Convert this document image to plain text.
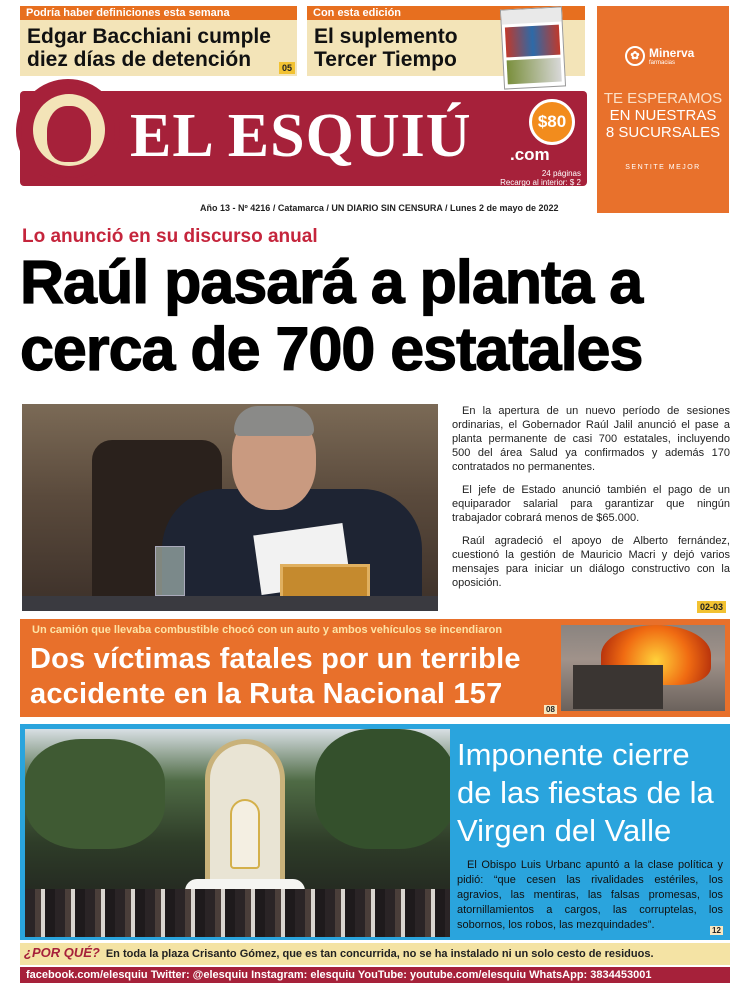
Podría haber definiciones esta semana
Edgar Bacchiani cumple
diez días de detención	05
Con esta edición
El suplemento
Tercer Tiempo	✿ Minerva
farmacias
TE ESPERAMOS
EN NUESTRAS
8 SUCURSALES
SENTITE MEJOR
EL ESQUIÚ	$80
.com
24 páginas
Recargo al interior: $ 2
Año 13 - Nº 4216 / Catamarca / UN DIARIO SIN CENSURA / Lunes 2 de mayo de 2022
Lo anunció en su discurso anual
Raúl pasará a planta a
cerca de 700 estatales

En la apertura de un nuevo período de sesiones ordinarias, el Gobernador Raúl Jalil anunció el pase a planta permanente de casi 700 estatales, incluyendo 500 del área Salud ya confirmados y además 170 contratados no permanentes.

El jefe de Estado anunció también el pago de un equiparador salarial para garantizar que ningún trabajador cobrará menos de $65.000.

Raúl agradeció el apoyo de Alberto fernández, cuestionó la gestión de Mauricio Macri y dejó varios mensajes para iniciar un diálogo constructivo con la oposición.

02-03
Un camión que llevaba combustible chocó con un auto y ambos vehículos se incendiaron
Dos víctimas fatales por un terrible
accidente en la Ruta Nacional 157	08
Imponente cierre
de las fiestas de la
Virgen del Valle
El Obispo Luis Urbanc apuntó a la clase política y pidió: “que cesen las rivalidades estériles, los agravios, las mentiras, las falsas promesas, los atornillamientos a cargos, las corruptelas, los sobornos, los robos, las mezquindades”.	12
¿POR QUÉ? En toda la plaza Crisanto Gómez, que es tan concurrida, no se ha instalado ni un solo cesto de residuos.
facebook.com/elesquiu Twitter: @elesquiu Instagram: elesquiu YouTube: youtube.com/elesquiu WhatsApp: 3834453001
